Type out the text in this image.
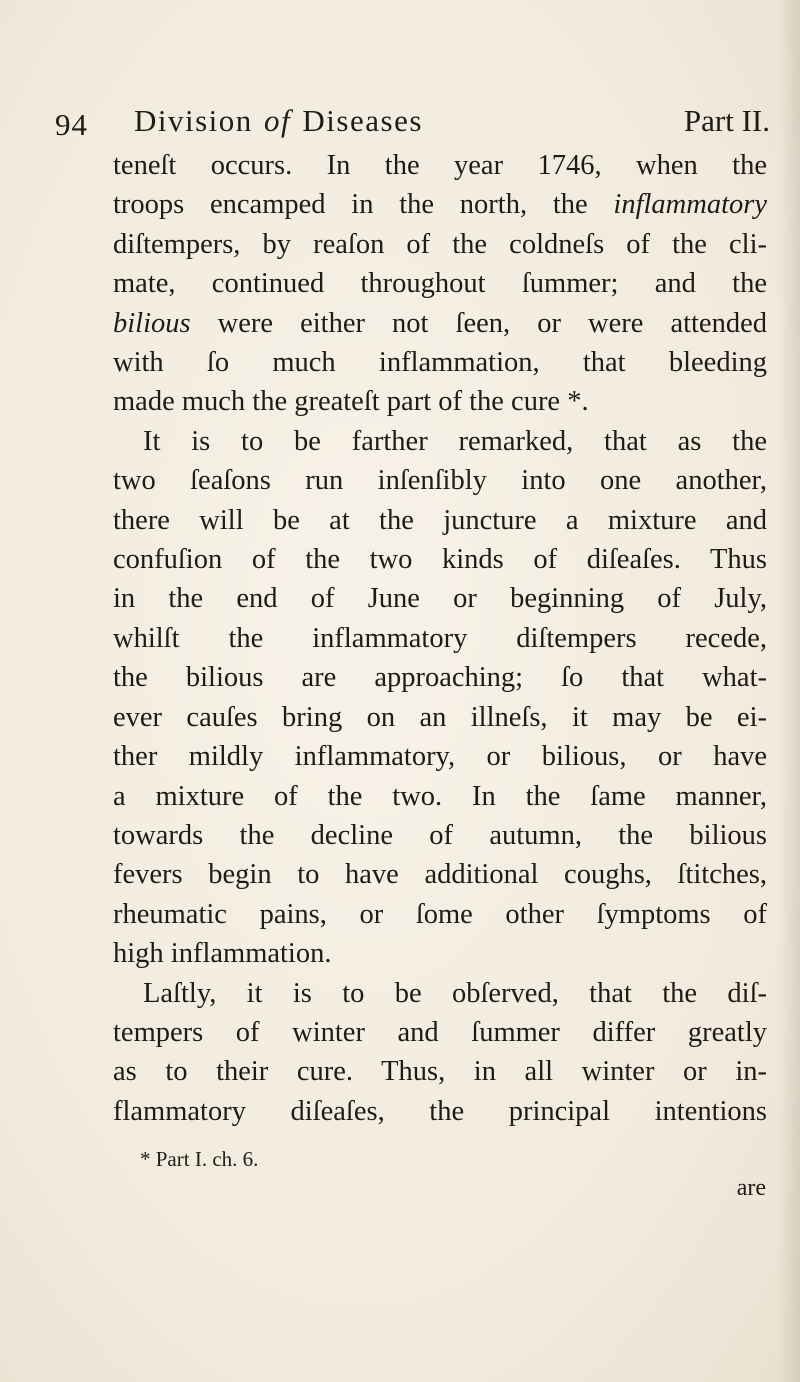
94 Division of Diseases	Part II.
teneſt occurs. In the year 1746, when the
troops encamped in the north, the inflammatory
diſtempers, by reaſon of the coldneſs of the cli-
mate, continued throughout ſummer; and the
bilious were either not ſeen, or were attended
with ſo much inflammation, that bleeding
made much the greateſt part of the cure *.
It is to be farther remarked, that as the
two ſeaſons run inſenſibly into one another,
there will be at the juncture a mixture and
confuſion of the two kinds of diſeaſes. Thus
in the end of June or beginning of July,
whilſt the inflammatory diſtempers recede,
the bilious are approaching; ſo that what-
ever cauſes bring on an illneſs, it may be ei-
ther mildly inflammatory, or bilious, or have
a mixture of the two. In the ſame manner,
towards the decline of autumn, the bilious
fevers begin to have additional coughs, ſtitches,
rheumatic pains, or ſome other ſymptoms of
high inflammation.
Laſtly, it is to be obſerved, that the diſ-
tempers of winter and ſummer differ greatly
as to their cure. Thus, in all winter or in-
flammatory diſeaſes, the principal intentions
* Part I. ch. 6.
are
